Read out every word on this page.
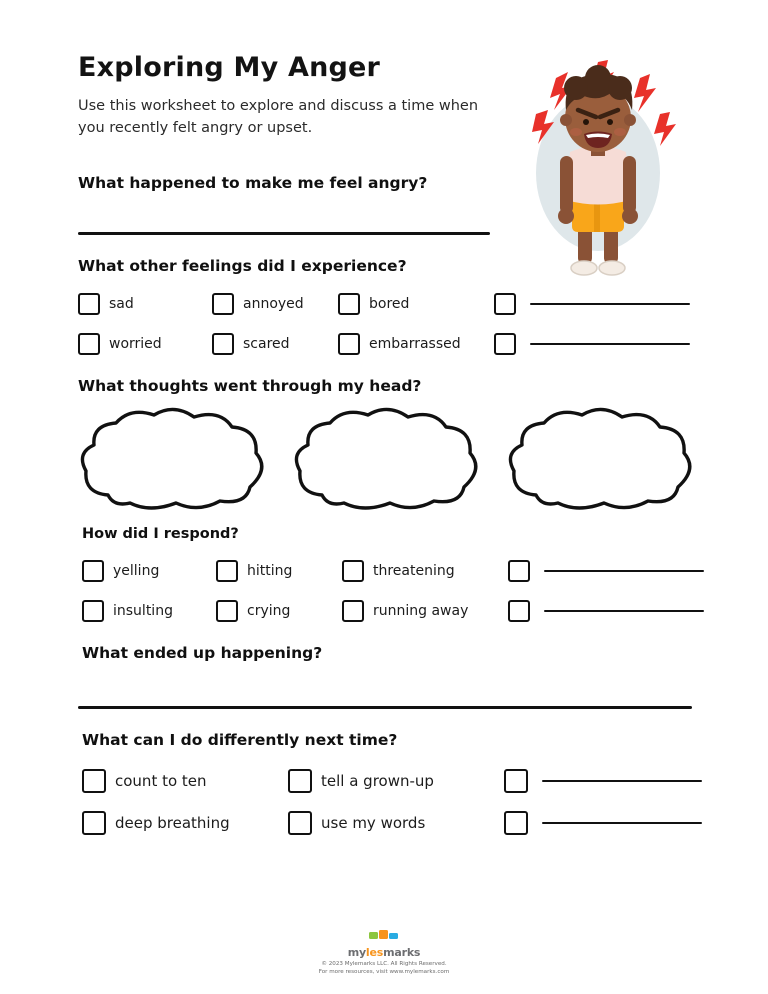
Exploring My Anger

Use this worksheet to explore and discuss a time when you recently felt angry or upset.

What happened to make me feel angry?
What other feelings did I experience?
sad	annoyed	bored
worried	scared	embarrassed
What thoughts went through my head?
How did I respond?
yelling	hitting	threatening
insulting	crying	running away
What ended up happening?
What can I do differently next time?
count to ten	tell a grown-up
deep breathing	use my words
mylesmarks
© 2023 Mylemarks LLC. All Rights Reserved.
For more resources, visit www.mylemarks.com
